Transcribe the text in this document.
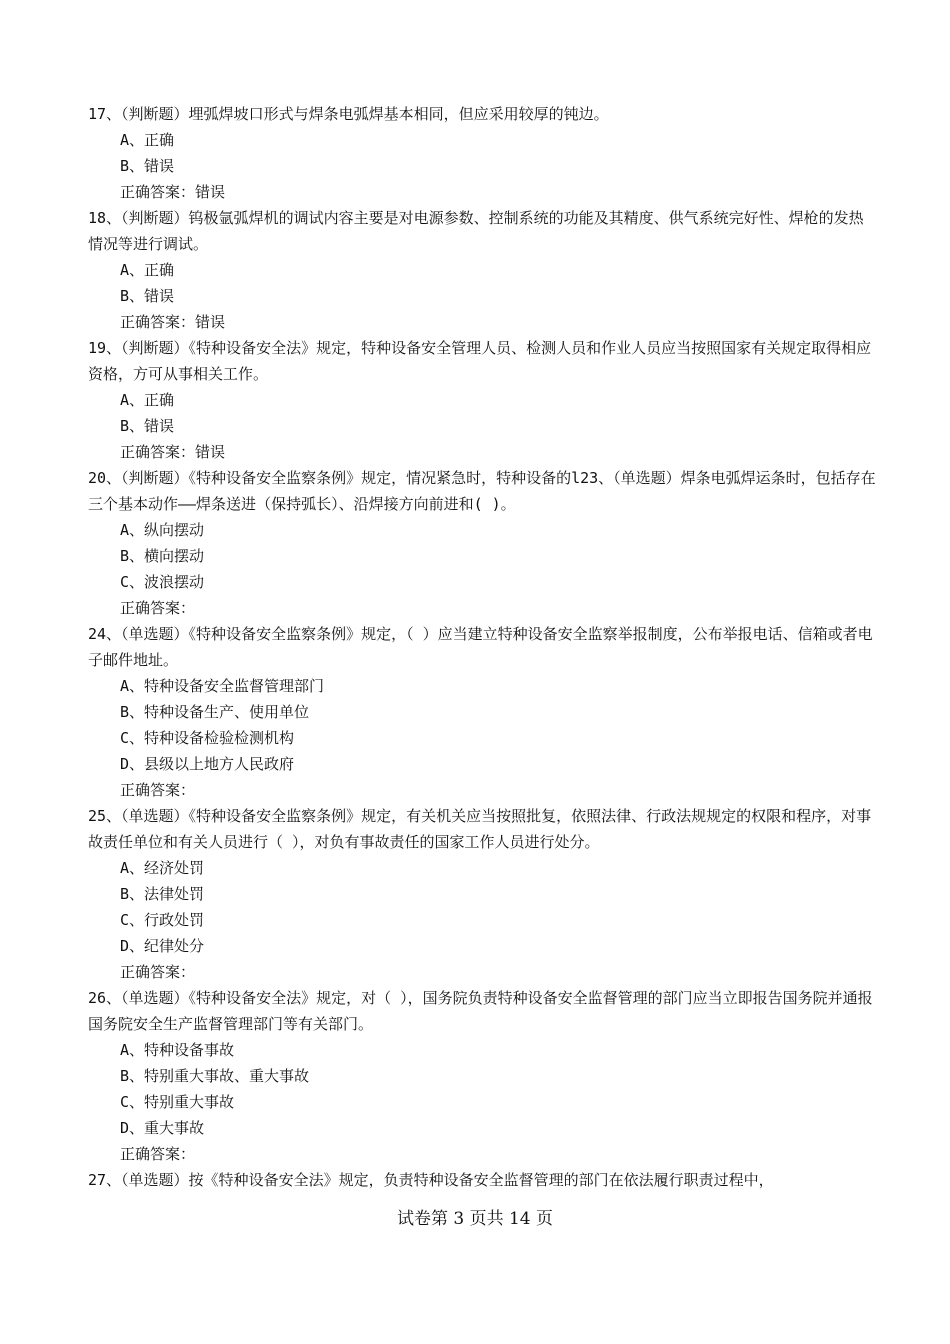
17、（判断题）埋弧焊坡口形式与焊条电弧焊基本相同，但应采用较厚的钝边。

A、正确

B、错误

正确答案：错误

18、（判断题）钨极氩弧焊机的调试内容主要是对电源参数、控制系统的功能及其精度、供气系统完好性、焊枪的发热情况等进行调试。

A、正确

B、错误

正确答案：错误

19、（判断题）《特种设备安全法》规定，特种设备安全管理人员、检测人员和作业人员应当按照国家有关规定取得相应资格，方可从事相关工作。

A、正确

B、错误

正确答案：错误

20、（判断题）《特种设备安全监察条例》规定，情况紧急时，特种设备的l23、（单选题）焊条电弧焊运条时，包括存在三个基本动作——焊条送进（保持弧长）、沿焊接方向前进和( )。

A、纵向摆动

B、横向摆动

C、波浪摆动

正确答案：

24、（单选题）《特种设备安全监察条例》规定，（ ）应当建立特种设备安全监察举报制度，公布举报电话、信箱或者电子邮件地址。

A、特种设备安全监督管理部门

B、特种设备生产、使用单位

C、特种设备检验检测机构

D、县级以上地方人民政府

正确答案：

25、（单选题）《特种设备安全监察条例》规定，有关机关应当按照批复，依照法律、行政法规规定的权限和程序，对事故责任单位和有关人员进行（ ），对负有事故责任的国家工作人员进行处分。

A、经济处罚

B、法律处罚

C、行政处罚

D、纪律处分

正确答案：

26、（单选题）《特种设备安全法》规定，对（ ），国务院负责特种设备安全监督管理的部门应当立即报告国务院并通报国务院安全生产监督管理部门等有关部门。

A、特种设备事故

B、特别重大事故、重大事故

C、特别重大事故

D、重大事故

正确答案：

27、（单选题）按《特种设备安全法》规定，负责特种设备安全监督管理的部门在依法履行职责过程中，

试卷第 3 页共 14 页
